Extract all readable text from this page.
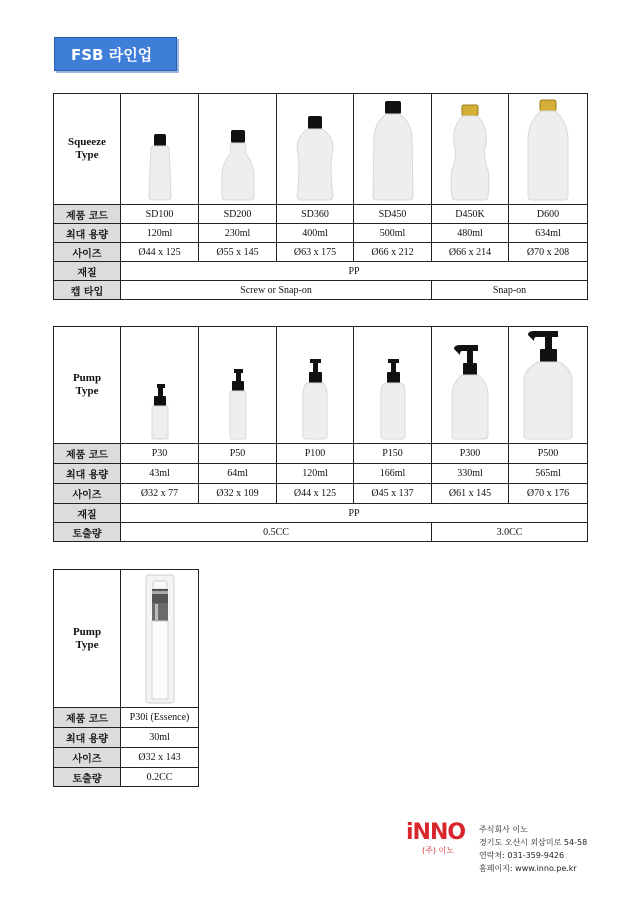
FSB 라인업
Squeeze
Type	

제품 코드	SD100	SD200	SD360	SD450	D450K	D600
최대 용량	120ml	230ml	400ml	500ml	480ml	634ml
사이즈	Ø44 x 125	Ø55 x 145	Ø63 x 175	Ø66 x 212	Ø66 x 214	Ø70 x 208
재질	PP					
캡 타입	Screw or Snap-on				Snap-on	
Pump
Type	

제품 코드	P30	P50	P100	P150	P300	P500
최대 용량	43ml	64ml	120ml	166ml	330ml	565ml
사이즈	Ø32 x 77	Ø32 x 109	Ø44 x 125	Ø45 x 137	Ø61 x 145	Ø70 x 176
재질	PP					
토출량	0.5CC				3.0CC	
Pump
Type	

제품 코드	P30i (Essence)
최대 용량	30ml
사이즈	Ø32 x 143
토출량	0.2CC
iNNO
(주) 이노
주식회사 이노
경기도 오산시 외삼미로 54-58
연락처: 031-359-9426
홈페이지: www.inno.pe.kr
